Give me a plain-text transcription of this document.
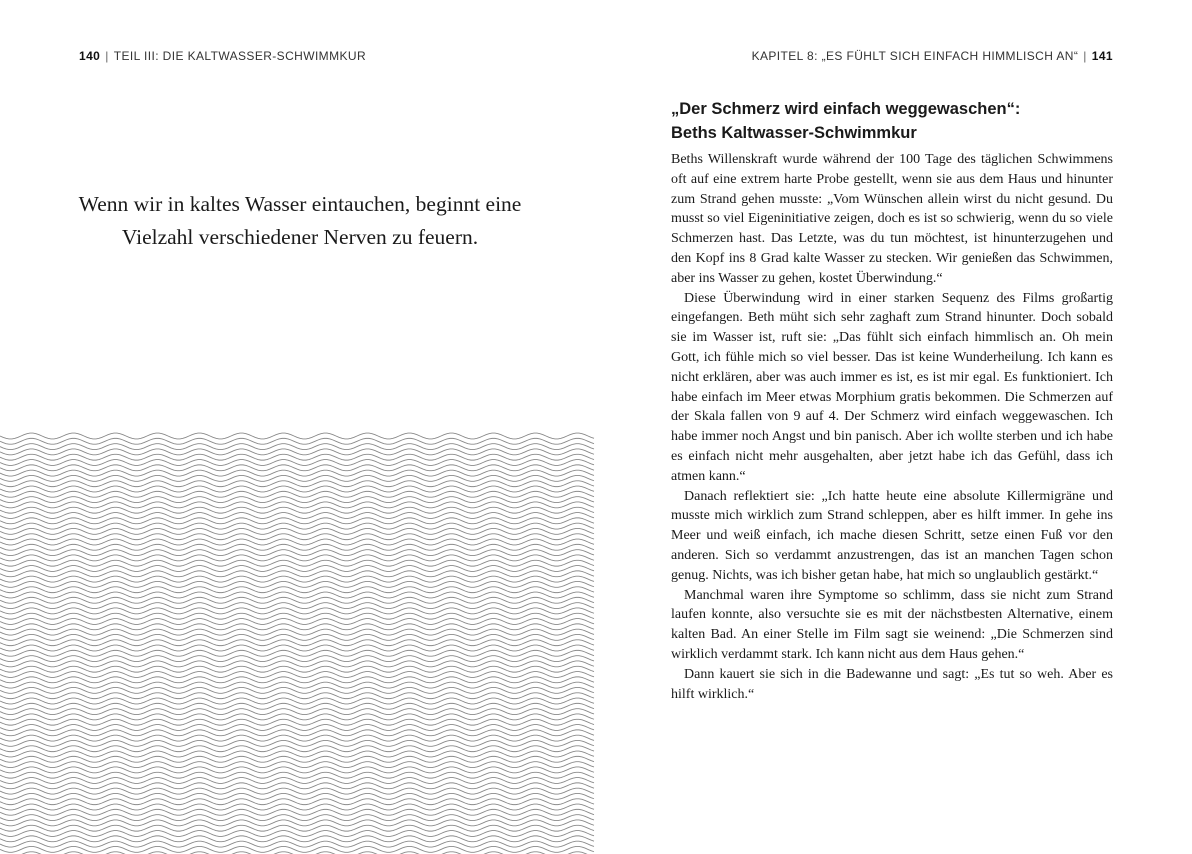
140 | TEIL III: DIE KALTWASSER-SCHWIMMKUR

Wenn wir in kaltes Wasser eintauchen, beginnt eine Vielzahl verschiedener Nerven zu feuern.

KAPITEL 8: „ES FÜHLT SICH EINFACH HIMMLISCH AN“ | 141
„Der Schmerz wird einfach weggewaschen“:
Beths Kaltwasser-Schwimmkur

Beths Willenskraft wurde während der 100 Tage des täglichen Schwimmens oft auf eine extrem harte Probe gestellt, wenn sie aus dem Haus und hinunter zum Strand gehen musste: „Vom Wünschen allein wirst du nicht gesund. Du musst so viel Eigeninitiative zeigen, doch es ist so schwierig, wenn du so viele Schmerzen hast. Das Letzte, was du tun möchtest, ist hinunterzugehen und den Kopf ins 8 Grad kalte Wasser zu stecken. Wir genießen das Schwimmen, aber ins Wasser zu gehen, kostet Überwindung.“

Diese Überwindung wird in einer starken Sequenz des Films großartig eingefangen. Beth müht sich sehr zaghaft zum Strand hinunter. Doch sobald sie im Wasser ist, ruft sie: „Das fühlt sich einfach himmlisch an. Oh mein Gott, ich fühle mich so viel besser. Das ist keine Wunderheilung. Ich kann es nicht erklären, aber was auch immer es ist, es ist mir egal. Es funktioniert. Ich habe einfach im Meer etwas Morphium gratis bekommen. Die Schmerzen auf der Skala fallen von 9 auf 4. Der Schmerz wird einfach weggewaschen. Ich habe immer noch Angst und bin panisch. Aber ich wollte sterben und ich habe es einfach nicht mehr ausgehalten, aber jetzt habe ich das Gefühl, dass ich atmen kann.“

Danach reflektiert sie: „Ich hatte heute eine absolute Killermigräne und musste mich wirklich zum Strand schleppen, aber es hilft immer. In gehe ins Meer und weiß einfach, ich mache diesen Schritt, setze einen Fuß vor den anderen. Sich so verdammt anzustrengen, das ist an manchen Tagen schon genug. Nichts, was ich bisher getan habe, hat mich so unglaublich gestärkt.“

Manchmal waren ihre Symptome so schlimm, dass sie nicht zum Strand laufen konnte, also versuchte sie es mit der nächstbesten Alternative, einem kalten Bad. An einer Stelle im Film sagt sie weinend: „Die Schmerzen sind wirklich verdammt stark. Ich kann nicht aus dem Haus gehen.“

Dann kauert sie sich in die Badewanne und sagt: „Es tut so weh. Aber es hilft wirklich.“
